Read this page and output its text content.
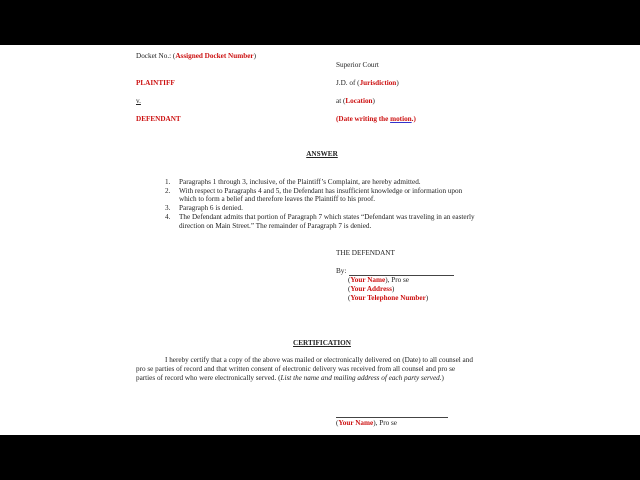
Docket No.: (Assigned Docket Number)
Superior Court
PLAINTIFF	J.D. of (Jurisdiction)
v.	at (Location)
DEFENDANT	(Date writing the motion.)
ANSWER
1. Paragraphs 1 through 3, inclusive, of the Plaintiff’s Complaint, are hereby admitted.
2. With respect to Paragraphs 4 and 5, the Defendant has insufficient knowledge or information upon
which to form a belief and therefore leaves the Plaintiff to his proof.
3. Paragraph 6 is denied.
4. The Defendant admits that portion of Paragraph 7 which states “Defendant was traveling in an easterly
direction on Main Street.” The remainder of Paragraph 7 is denied.
THE DEFENDANT
By:
(Your Name), Pro se
(Your Address)
(Your Telephone Number)
CERTIFICATION
I hereby certify that a copy of the above was mailed or electronically delivered on (Date) to all counsel and
pro se parties of record and that written consent of electronic delivery was received from all counsel and pro se
parties of record who were electronically served. (List the name and mailing address of each party served.)
(Your Name), Pro se
